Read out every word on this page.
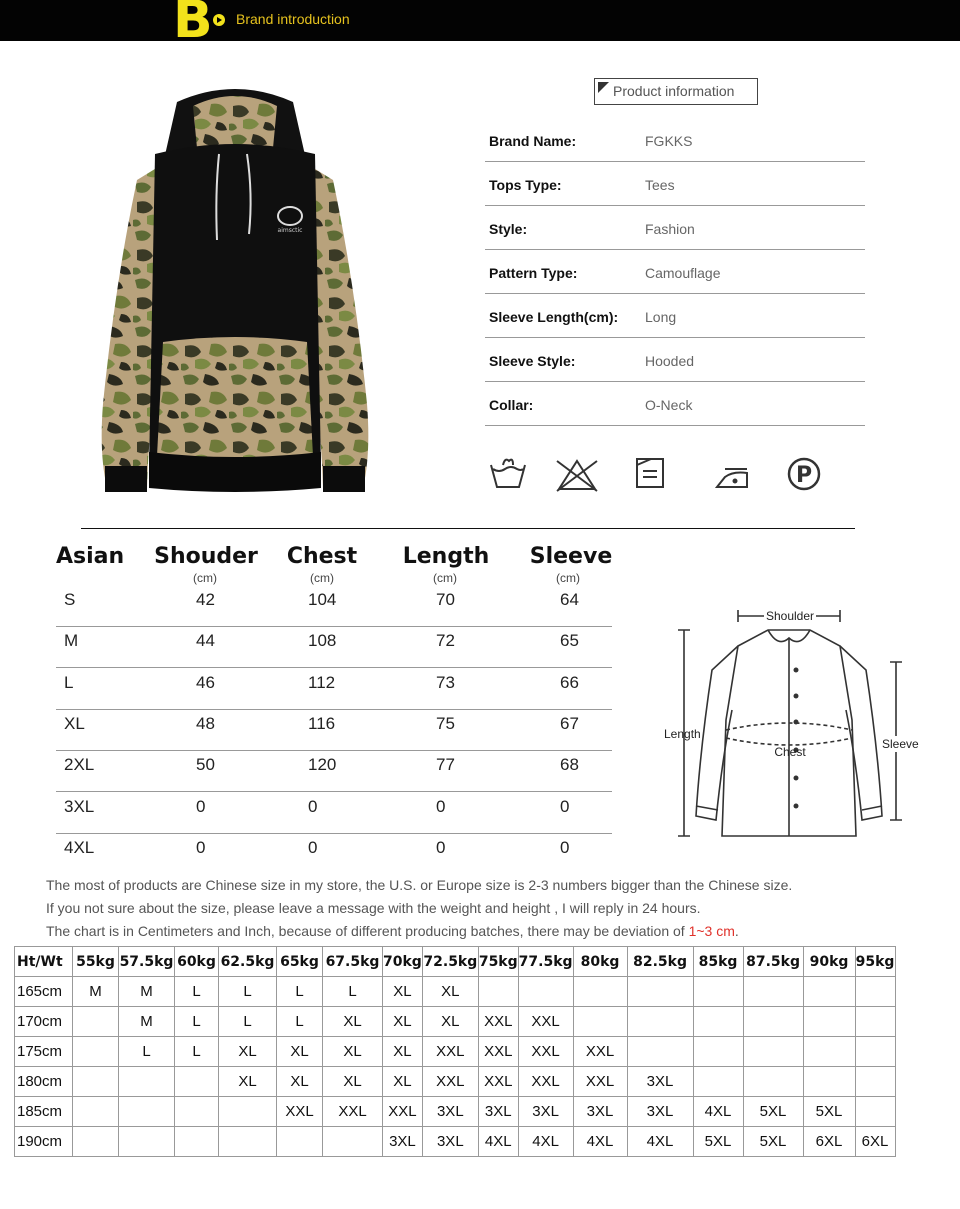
B Brand introduction
aimsctic
Product information
Brand Name:	FGKKS
Tops Type:	Tees
Style:	Fashion
Pattern Type:	Camouflage
Sleeve Length(cm): Long
Sleeve Style:	Hooded
Collar:	O-Neck
P
Asian Shouder Chest Length Sleeve
(cm)	(cm)	(cm)	(cm)
S	42	104	70	64
M	44	108	72	65
L	46	112	73	66
XL	48	116	75	67
2XL	50	120	77	68
3XL	0	0	0	0
4XL	0	0	0	0
Shoulder
Length
Chest
Sleeve
The most of products are Chinese size in my store, the U.S. or Europe size is 2-3 numbers bigger than the Chinese size.
If you not sure about the size, please leave a message with the weight and height , I will reply in 24 hours.
The chart is in Centimeters and Inch, because of different producing batches, there may be deviation of 1~3 cm.
Ht/Wt	55kg	57.5kg	60kg	62.5kg	65kg	67.5kg	70kg	72.5kg	75kg	77.5kg	80kg	82.5kg	85kg	87.5kg	90kg	95kg
165cm	M	M	L	L	L	L	XL	XL								
170cm		M	L	L	L	XL	XL	XL	XXL	XXL						
175cm		L	L	XL	XL	XL	XL	XXL	XXL	XXL	XXL					
180cm				XL	XL	XL	XL	XXL	XXL	XXL	XXL	3XL				
185cm					XXL	XXL	XXL	3XL	3XL	3XL	3XL	3XL	4XL	5XL	5XL	
190cm							3XL	3XL	4XL	4XL	4XL	4XL	5XL	5XL	6XL	6XL
